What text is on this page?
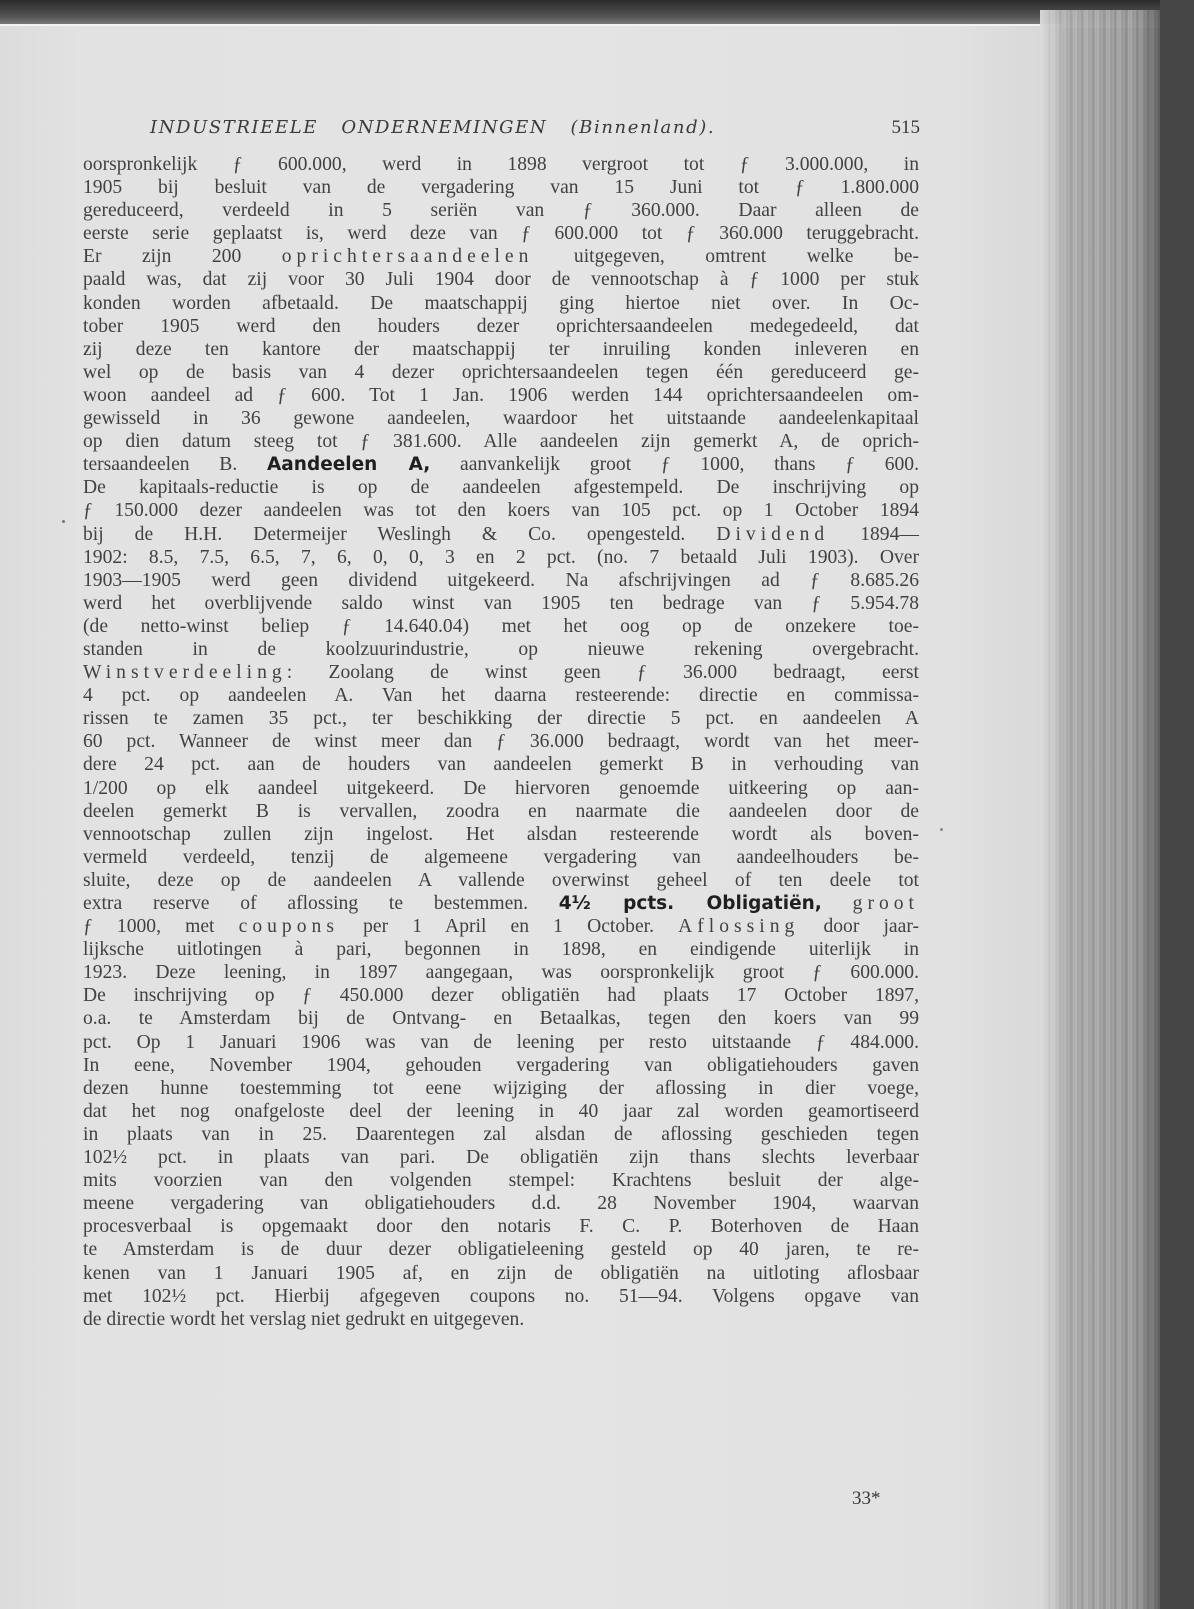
INDUSTRIEELE ONDERNEMINGEN (Binnenland).	515
oorspronkelijk ƒ 600.000, werd in 1898 vergroot tot ƒ 3.000.000, in
1905 bij besluit van de vergadering van 15 Juni tot ƒ 1.800.000
gereduceerd, verdeeld in 5 seriën van ƒ 360.000. Daar alleen de
eerste serie geplaatst is, werd deze van ƒ 600.000 tot ƒ 360.000 teruggebracht.
Er zijn 200 oprichtersaandeelen uitgegeven, omtrent welke be-
paald was, dat zij voor 30 Juli 1904 door de vennootschap à ƒ 1000 per stuk
konden worden afbetaald. De maatschappij ging hiertoe niet over. In Oc-
tober 1905 werd den houders dezer oprichtersaandeelen medegedeeld, dat
zij deze ten kantore der maatschappij ter inruiling konden inleveren en
wel op de basis van 4 dezer oprichtersaandeelen tegen één gereduceerd ge-
woon aandeel ad ƒ 600. Tot 1 Jan. 1906 werden 144 oprichtersaandeelen om-
gewisseld in 36 gewone aandeelen, waardoor het uitstaande aandeelenkapitaal
op dien datum steeg tot ƒ 381.600. Alle aandeelen zijn gemerkt A, de oprich-
tersaandeelen B. Aandeelen A, aanvankelijk groot ƒ 1000, thans ƒ 600.
De kapitaals-reductie is op de aandeelen afgestempeld. De inschrijving op
ƒ 150.000 dezer aandeelen was tot den koers van 105 pct. op 1 October 1894
bij de H.H. Determeijer Weslingh & Co. opengesteld. Dividend 1894—
1902: 8.5, 7.5, 6.5, 7, 6, 0, 0, 3 en 2 pct. (no. 7 betaald Juli 1903). Over
1903—1905 werd geen dividend uitgekeerd. Na afschrijvingen ad ƒ 8.685.26
werd het overblijvende saldo winst van 1905 ten bedrage van ƒ 5.954.78
(de netto-winst beliep ƒ 14.640.04) met het oog op de onzekere toe-
standen in de koolzuurindustrie, op nieuwe rekening overgebracht.
Winstverdeeling: Zoolang de winst geen ƒ 36.000 bedraagt, eerst
4 pct. op aandeelen A. Van het daarna resteerende: directie en commissa-
rissen te zamen 35 pct., ter beschikking der directie 5 pct. en aandeelen A
60 pct. Wanneer de winst meer dan ƒ 36.000 bedraagt, wordt van het meer-
dere 24 pct. aan de houders van aandeelen gemerkt B in verhouding van
1/200 op elk aandeel uitgekeerd. De hiervoren genoemde uitkeering op aan-
deelen gemerkt B is vervallen, zoodra en naarmate die aandeelen door de
vennootschap zullen zijn ingelost. Het alsdan resteerende wordt als boven-
vermeld verdeeld, tenzij de algemeene vergadering van aandeelhouders be-
sluite, deze op de aandeelen A vallende overwinst geheel of ten deele tot
extra reserve of aflossing te bestemmen. 4½ pcts. Obligatiën, groot
ƒ 1000, met coupons per 1 April en 1 October. Aflossing door jaar-
lijksche uitlotingen à pari, begonnen in 1898, en eindigende uiterlijk in
1923. Deze leening, in 1897 aangegaan, was oorspronkelijk groot ƒ 600.000.
De inschrijving op ƒ 450.000 dezer obligatiën had plaats 17 October 1897,
o.a. te Amsterdam bij de Ontvang- en Betaalkas, tegen den koers van 99
pct. Op 1 Januari 1906 was van de leening per resto uitstaande ƒ 484.000.
In eene, November 1904, gehouden vergadering van obligatiehouders gaven
dezen hunne toestemming tot eene wijziging der aflossing in dier voege,
dat het nog onafgeloste deel der leening in 40 jaar zal worden geamortiseerd
in plaats van in 25. Daarentegen zal alsdan de aflossing geschieden tegen
102½ pct. in plaats van pari. De obligatiën zijn thans slechts leverbaar
mits voorzien van den volgenden stempel: Krachtens besluit der alge-
meene vergadering van obligatiehouders d.d. 28 November 1904, waarvan
procesverbaal is opgemaakt door den notaris F. C. P. Boterhoven de Haan
te Amsterdam is de duur dezer obligatieleening gesteld op 40 jaren, te re-
kenen van 1 Januari 1905 af, en zijn de obligatiën na uitloting aflosbaar
met 102½ pct. Hierbij afgegeven coupons no. 51—94. Volgens opgave van
de directie wordt het verslag niet gedrukt en uitgegeven.
33*
